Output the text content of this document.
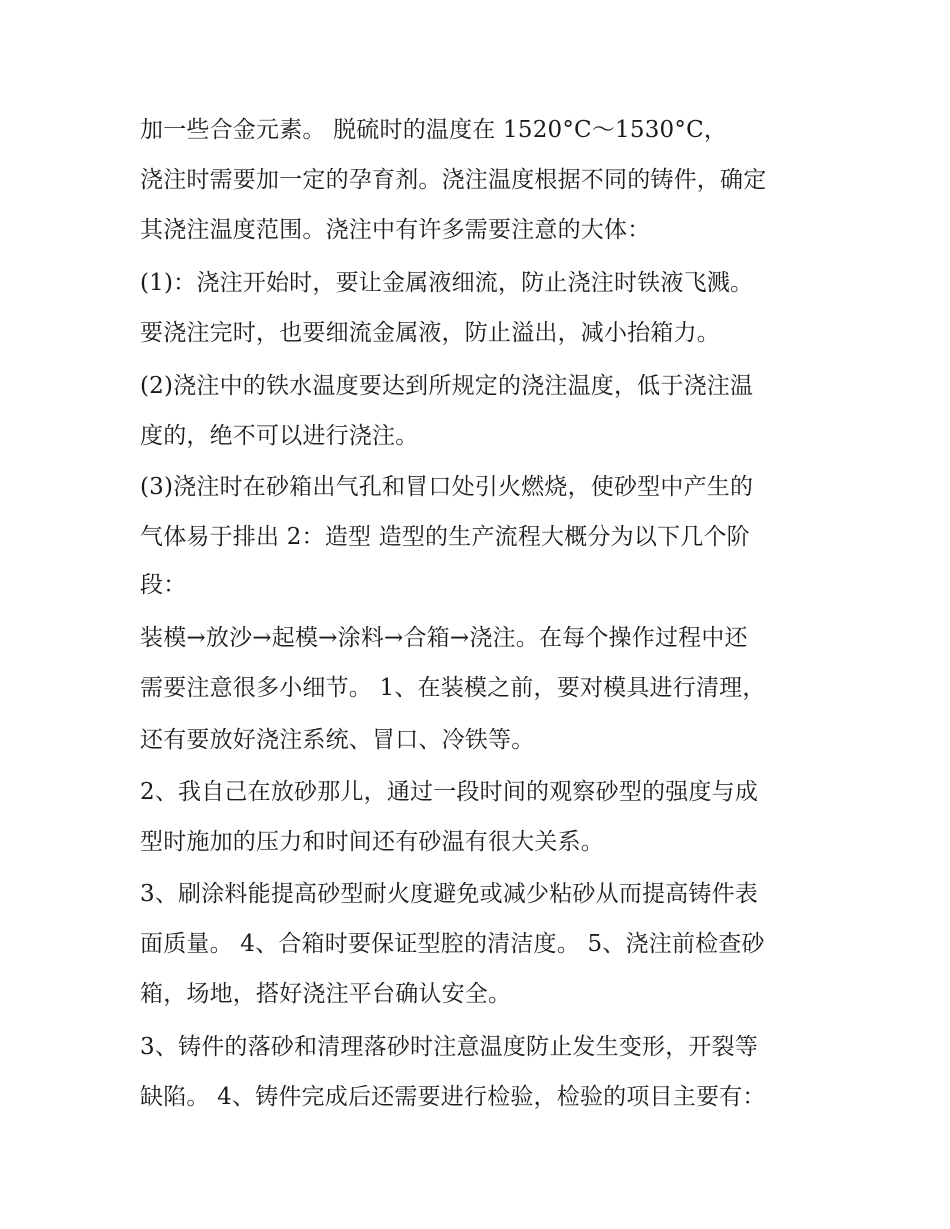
加一些合金元素。 脱硫时的温度在 1520°C～1530°C，
浇注时需要加一定的孕育剂。浇注温度根据不同的铸件，确定
其浇注温度范围。浇注中有许多需要注意的大体：
(1)：浇注开始时，要让金属液细流，防止浇注时铁液飞溅。
要浇注完时，也要细流金属液，防止溢出，减小抬箱力。
(2)浇注中的铁水温度要达到所规定的浇注温度，低于浇注温
度的，绝不可以进行浇注。
(3)浇注时在砂箱出气孔和冒口处引火燃烧，使砂型中产生的
气体易于排出 2：造型 造型的生产流程大概分为以下几个阶
段：
装模→放沙→起模→涂料→合箱→浇注。在每个操作过程中还
需要注意很多小细节。 1、在装模之前，要对模具进行清理，
还有要放好浇注系统、冒口、冷铁等。
2、我自己在放砂那儿，通过一段时间的观察砂型的强度与成
型时施加的压力和时间还有砂温有很大关系。
3、刷涂料能提高砂型耐火度避免或减少粘砂从而提高铸件表
面质量。 4、合箱时要保证型腔的清洁度。 5、浇注前检查砂
箱，场地，搭好浇注平台确认安全。
3、铸件的落砂和清理落砂时注意温度防止发生变形，开裂等
缺陷。 4、铸件完成后还需要进行检验，检验的项目主要有：
